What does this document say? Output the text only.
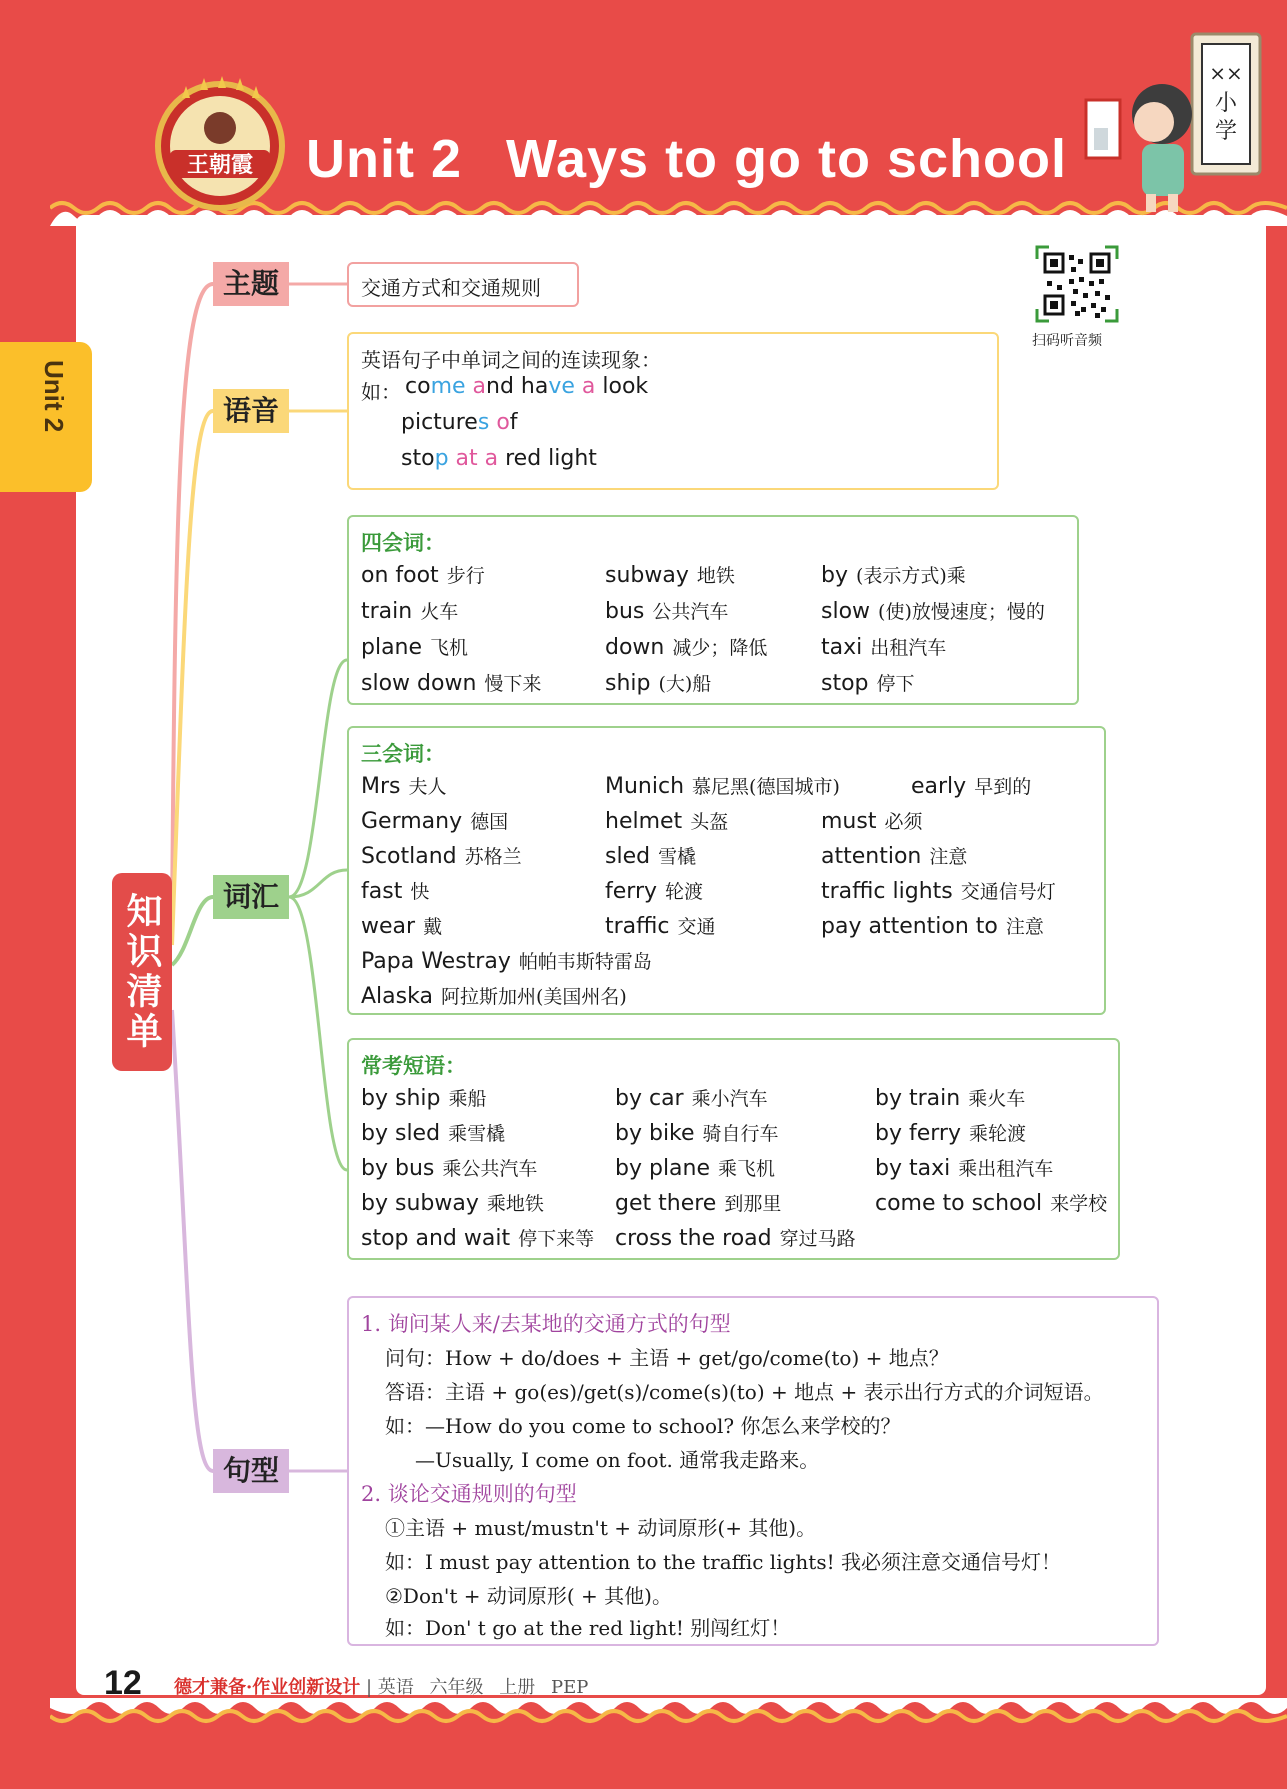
王朝霞 Unit 2 Ways to go to school
××
小
学
Unit 2
扫码听音频
知识清单
主题
语音
词汇
句型
交通方式和交通规则
英语句子中单词之间的连读现象：
如： come and have a look
pictures of
stop at a red light
四会词：
on foot 步行	subway 地铁	by (表示方式)乘
train 火车	bus 公共汽车	slow (使)放慢速度；慢的
plane 飞机	down 减少；降低 taxi 出租汽车
slow down 慢下来	ship (大)船	stop 停下
三会词：
Mrs 夫人	Munich 慕尼黑(德国城市)	early 早到的
Germany 德国	helmet 头盔	must 必须
Scotland 苏格兰	sled 雪橇	attention 注意
fast 快	ferry 轮渡	traffic lights 交通信号灯
wear 戴	traffic 交通	pay attention to 注意
Papa Westray 帕帕韦斯特雷岛
Alaska 阿拉斯加州(美国州名)
常考短语：
by ship 乘船	by car 乘小汽车	by train 乘火车
by sled 乘雪橇	by bike 骑自行车	by ferry 乘轮渡
by bus 乘公共汽车	by plane 乘飞机	by taxi 乘出租汽车
by subway 乘地铁	get there 到那里	come to school 来学校
stop and wait 停下来等 cross the road 穿过马路
1. 询问某人来/去某地的交通方式的句型
问句：How + do/does + 主语 + get/go/come(to) + 地点？
答语：主语 + go(es)/get(s)/come(s)(to) + 地点 + 表示出行方式的介词短语。
如：—How do you come to school? 你怎么来学校的？
—Usually, I come on foot. 通常我走路来。
2. 谈论交通规则的句型
①主语 + must/mustn't + 动词原形(+ 其他)。
如：I must pay attention to the traffic lights! 我必须注意交通信号灯！
②Don't + 动词原形( + 其他)。
如：Don' t go at the red light! 别闯红灯！
12 德才兼备·作业创新设计 | 英语 六年级 上册 PEP
